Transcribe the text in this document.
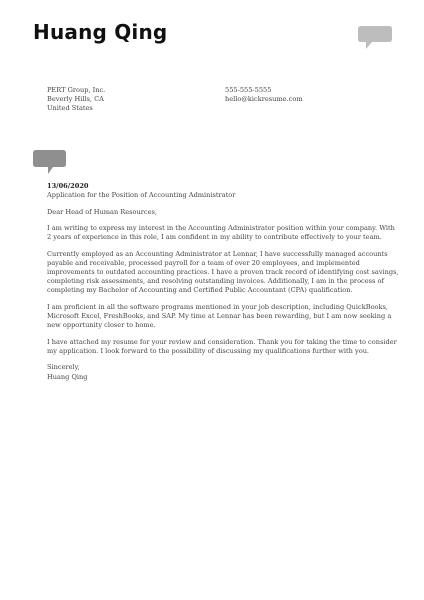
Huang Qing
PERT Group, Inc.
Beverly Hills, CA
United States
555-555-5555
hello@kickresume.com
13/06/2020
Application for the Position of Accounting Administrator
Dear Head of Human Resources,
I am writing to express my interest in the Accounting Administrator position within your company. With
2 years of experience in this role, I am confident in my ability to contribute effectively to your team.
Currently employed as an Accounting Administrator at Lennar, I have successfully managed accounts
payable and receivable, processed payroll for a team of over 20 employees, and implemented
improvements to outdated accounting practices. I have a proven track record of identifying cost savings,
completing risk assessments, and resolving outstanding invoices. Additionally, I am in the process of
completing my Bachelor of Accounting and Certified Public Accountant (CPA) qualification.
I am proficient in all the software programs mentioned in your job description, including QuickBooks,
Microsoft Excel, FreshBooks, and SAP. My time at Lennar has been rewarding, but I am now seeking a
new opportunity closer to home.
I have attached my resume for your review and consideration. Thank you for taking the time to consider
my application. I look forward to the possibility of discussing my qualifications further with you.
Sincerely,
Huang Qing
